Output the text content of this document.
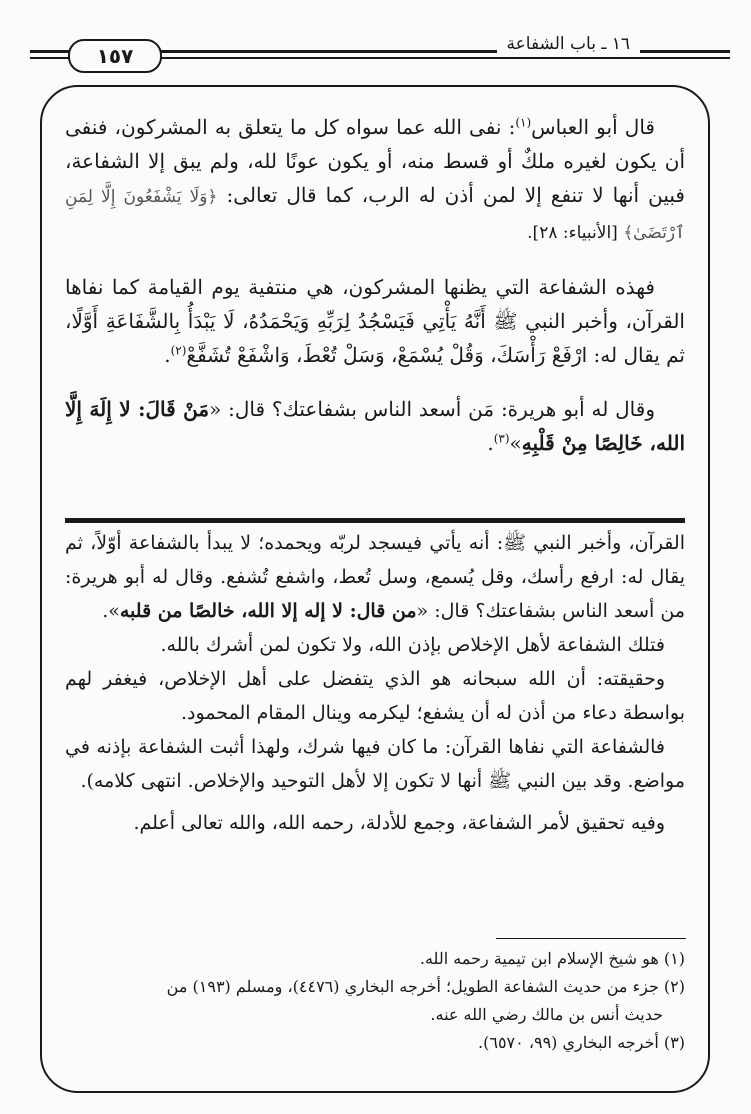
١٥٧	١٦ ـ باب الشفاعة

قال أبو العباس$^{(١)}$: نفى الله عما سواه كل ما يتعلق به المشركون، فنفى أن يكون لغيره ملكٌ أو قسط منه، أو يكون عونًا لله، ولم يبق إلا الشفاعة، فبين أنها لا تنفع إلا لمن أذن له الرب، كما قال تعالى: ﴿وَلَا يَشْفَعُونَ إِلَّا لِمَنِ ٱرْتَضَىٰ﴾ [الأنبياء: ٢٨].

فهذه الشفاعة التي يظنها المشركون، هي منتفية يوم القيامة كما نفاها القرآن، وأخبر النبي ﷺ أَنَّهُ يَأْتِي فَيَسْجُدُ لِرَبِّهِ وَيَحْمَدُهُ، لَا يَبْدَأُ بِالشَّفَاعَةِ أَوَّلًا، ثم يقال له: ارْفَعْ رَأْسَكَ، وَقُلْ يُسْمَعْ، وَسَلْ تُعْطَ، وَاشْفَعْ تُشَفَّعْ$^{(٢)}$.

وقال له أبو هريرة: مَن أسعد الناس بشفاعتك؟ قال: «مَنْ قَالَ: لا إِلَهَ إِلَّا الله، خَالِصًا مِنْ قَلْبِهِ»$^{(٣)}$.

القرآن، وأخبر النبي ﷺ: أنه يأتي فيسجد لربّه ويحمده؛ لا يبدأ بالشفاعة أوّلاً، ثم يقال له: ارفع رأسك، وقل يُسمع، وسل تُعط، واشفع تُشفع. وقال له أبو هريرة: من أسعد الناس بشفاعتك؟ قال: «من قال: لا إله إلا الله، خالصًا من قلبه».

فتلك الشفاعة لأهل الإخلاص بإذن الله، ولا تكون لمن أشرك بالله.

وحقيقته: أن الله سبحانه هو الذي يتفضل على أهل الإخلاص، فيغفر لهم بواسطة دعاء من أذن له أن يشفع؛ ليكرمه وينال المقام المحمود.

فالشفاعة التي نفاها القرآن: ما كان فيها شرك، ولهذا أثبت الشفاعة بإذنه في مواضع. وقد بين النبي ﷺ أنها لا تكون إلا لأهل التوحيد والإخلاص. انتهى كلامه).

وفيه تحقيق لأمر الشفاعة، وجمع للأدلة، رحمه الله، والله تعالى أعلم.

(١) هو شيخ الإسلام ابن تيمية رحمه الله.
(٢) جزء من حديث الشفاعة الطويل؛ أخرجه البخاري (٤٤٧٦)، ومسلم (١٩٣) من
حديث أنس بن مالك رضي الله عنه.
(٣) أخرجه البخاري (٩٩، ٦٥٧٠).
